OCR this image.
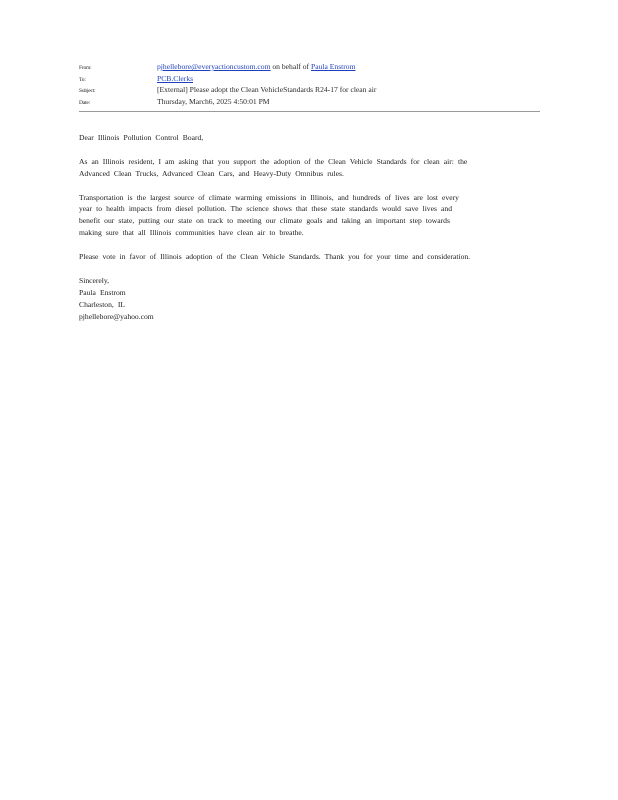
From:	pjhellebore@everyactioncustom.com on behalf of Paula Enstrom
To:	PCB.Clerks
Subject:	[External] Please adopt the Clean VehicleStandards R24-17 for clean air
Date:	Thursday, March6, 2025 4:50:01 PM
Dear Illinois Pollution Control Board,
As an Illinois resident, I am asking that you support the adoption of the Clean Vehicle Standards for clean air: the
Advanced Clean Trucks, Advanced Clean Cars, and Heavy-Duty Omnibus rules.
Transportation is the largest source of climate warming emissions in Illinois, and hundreds of lives are lost every
year to health impacts from diesel pollution. The science shows that these state standards would save lives and
benefit our state, putting our state on track to meeting our climate goals and taking an important step towards
making sure that all Illinois communities have clean air to breathe.
Please vote in favor of Illinois adoption of the Clean Vehicle Standards. Thank you for your time and consideration.
Sincerely,
Paula Enstrom
Charleston, IL
pjhellebore@yahoo.com
